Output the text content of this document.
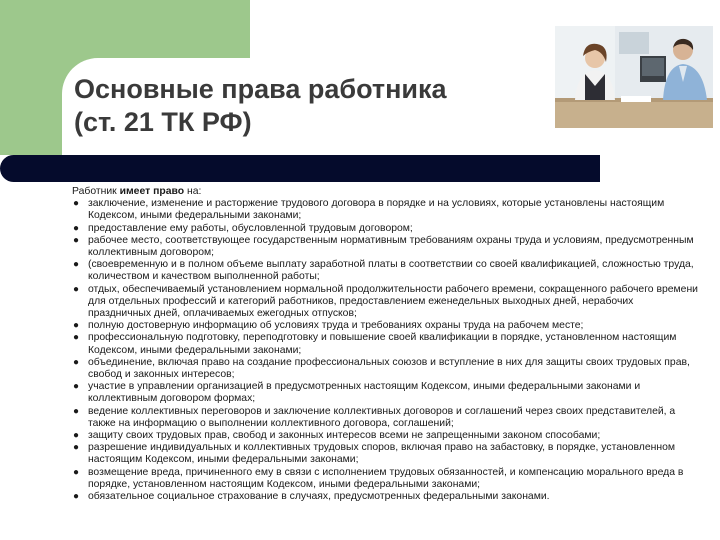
Основные права работника
(ст. 21 ТК РФ)

Работник имеет право на:

● заключение, изменение и расторжение трудового договора в порядке и на условиях, которые установлены настоящим Кодексом, иными федеральными законами;
● предоставление ему работы, обусловленной трудовым договором;
● рабочее место, соответствующее государственным нормативным требованиям охраны труда и условиям, предусмотренным коллективным договором;
● (своевременную и в полном объеме выплату заработной платы в соответствии со своей квалификацией, сложностью труда, количеством и качеством выполненной работы;
● отдых, обеспечиваемый установлением нормальной продолжительности рабочего времени, сокращенного рабочего времени для отдельных профессий и категорий работников, предоставлением еженедельных выходных дней, нерабочих праздничных дней, оплачиваемых ежегодных отпусков;
● полную достоверную информацию об условиях труда и требованиях охраны труда на рабочем месте;
● профессиональную подготовку, переподготовку и повышение своей квалификации в порядке, установленном настоящим Кодексом, иными федеральными законами;
● объединение, включая право на создание профессиональных союзов и вступление в них для защиты своих трудовых прав, свобод и законных интересов;
● участие в управлении организацией в предусмотренных настоящим Кодексом, иными федеральными законами и коллективным договором формах;
● ведение коллективных переговоров и заключение коллективных договоров и соглашений через своих представителей, а также на информацию о выполнении коллективного договора, соглашений;
● защиту своих трудовых прав, свобод и законных интересов всеми не запрещенными законом способами;
● разрешение индивидуальных и коллективных трудовых споров, включая право на забастовку, в порядке, установленном настоящим Кодексом, иными федеральными законами;
● возмещение вреда, причиненного ему в связи с исполнением трудовых обязанностей, и компенсацию морального вреда в порядке, установленном настоящим Кодексом, иными федеральными законами;
● обязательное социальное страхование в случаях, предусмотренных федеральными законами.
